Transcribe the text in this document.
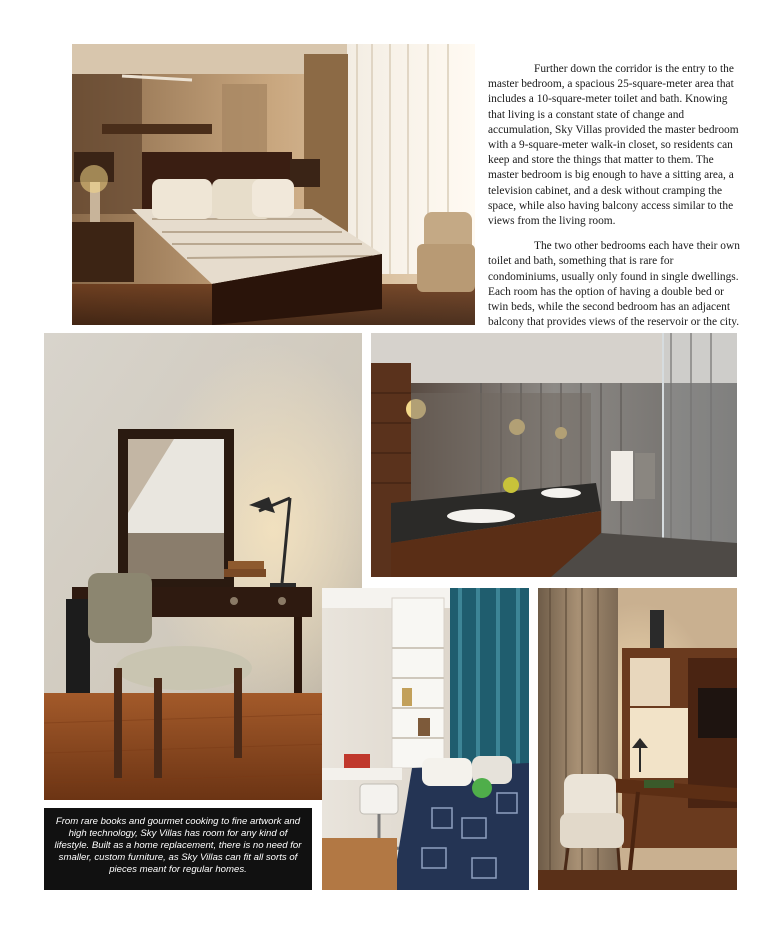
Further down the corridor is the entry to the master bedroom, a spacious 25-square-meter area that includes a 10-square-meter toilet and bath. Knowing that living is a constant state of change and accumulation, Sky Villas provided the master bedroom with a 9-square-meter walk-in closet, so residents can keep and store the things that matter to them. The master bedroom is big enough to have a sitting area, a television cabinet, and a desk without cramping the space, while also having balcony access similar to the views from the living room.

The two other bedrooms each have their own toilet and bath, something that is rare for condominiums, usually only found in single dwellings. Each room has the option of having a double bed or twin beds, while the second bedroom has an adjacent balcony that provides views of the reservoir or the city.

From rare books and gourmet cooking to fine artwork and high technology, Sky Villas has room for any kind of lifestyle. Built as a home replacement, there is no need for smaller, custom furniture, as Sky Villas can fit all sorts of pieces meant for regular homes.
